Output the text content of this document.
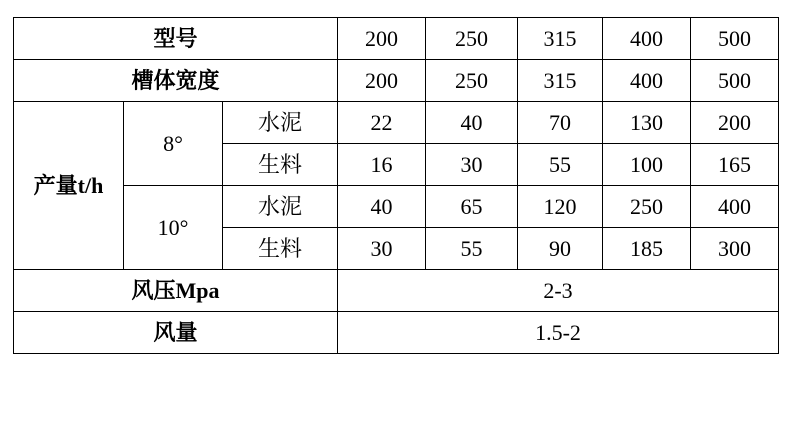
型号			200	250	315	400	500
槽体宽度			200	250	315	400	500
产量t/h	8°	水泥	22	40	70	130	200
		生料	16	30	55	100	165
	10°	水泥	40	65	120	250	400
		生料	30	55	90	185	300
风压Mpa			2-3				
风量			1.5-2				
